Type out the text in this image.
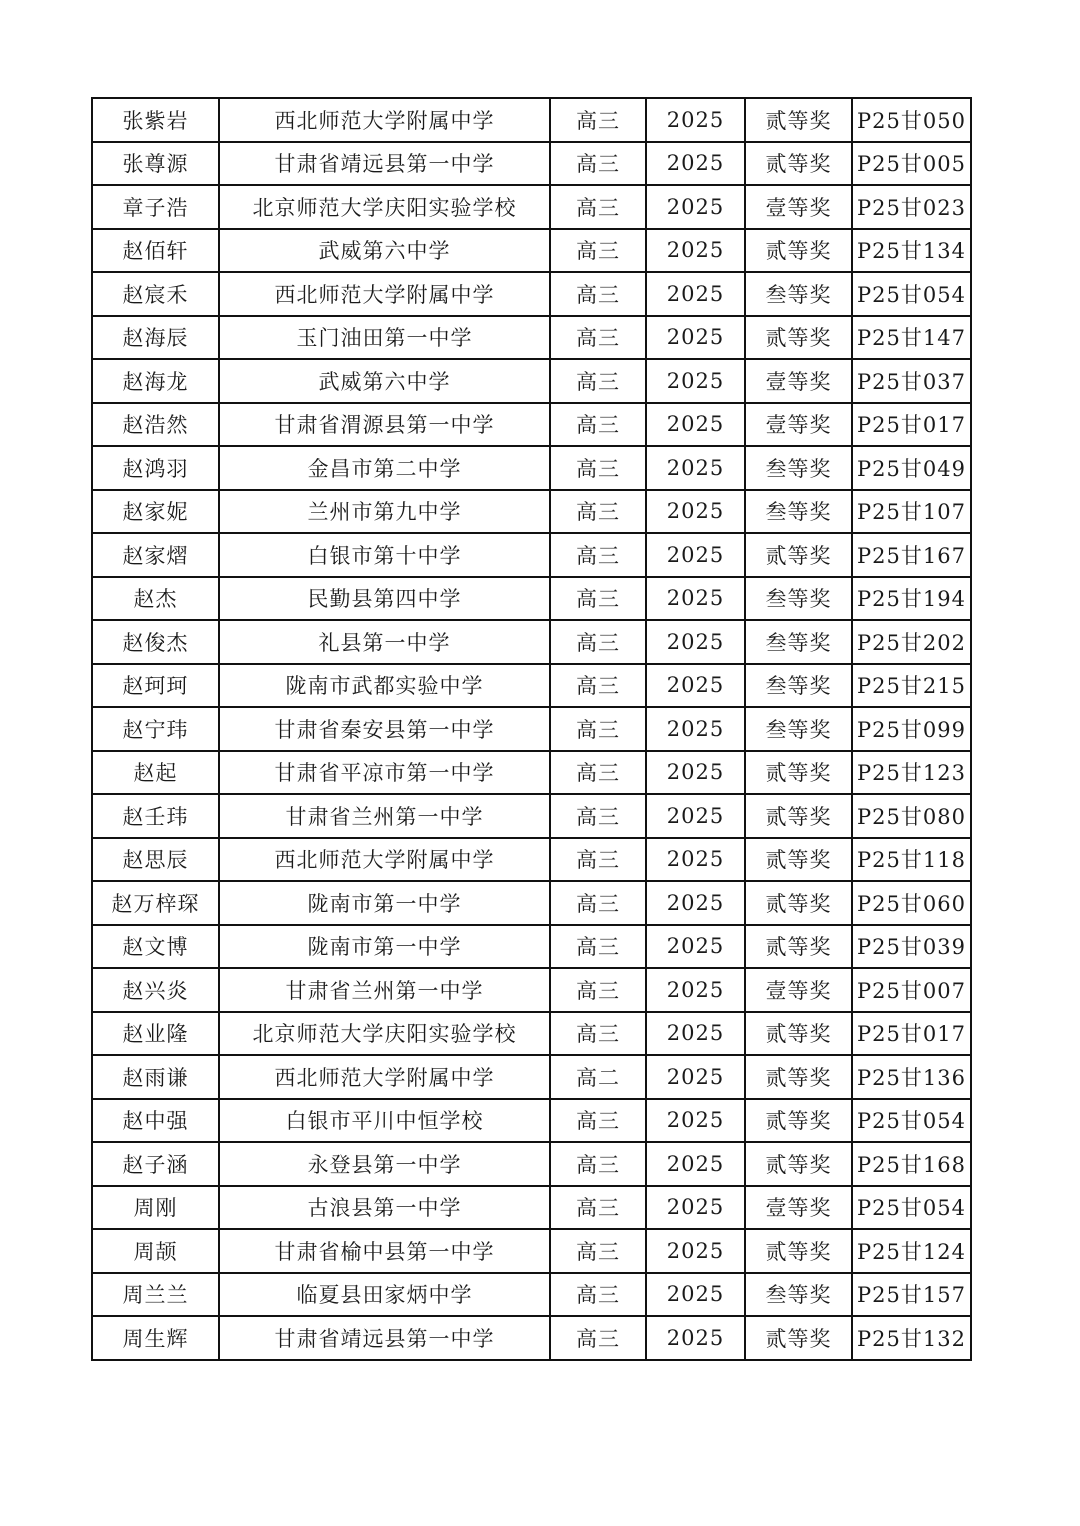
张紫岩	西北师范大学附属中学	高三	2025	贰等奖	P25甘050
张尊源	甘肃省靖远县第一中学	高三	2025	贰等奖	P25甘005
章子浩	北京师范大学庆阳实验学校	高三	2025	壹等奖	P25甘023
赵佰轩	武威第六中学	高三	2025	贰等奖	P25甘134
赵宸禾	西北师范大学附属中学	高三	2025	叁等奖	P25甘054
赵海辰	玉门油田第一中学	高三	2025	贰等奖	P25甘147
赵海龙	武威第六中学	高三	2025	壹等奖	P25甘037
赵浩然	甘肃省渭源县第一中学	高三	2025	壹等奖	P25甘017
赵鸿羽	金昌市第二中学	高三	2025	叁等奖	P25甘049
赵家妮	兰州市第九中学	高三	2025	叁等奖	P25甘107
赵家熠	白银市第十中学	高三	2025	贰等奖	P25甘167
赵杰	民勤县第四中学	高三	2025	叁等奖	P25甘194
赵俊杰	礼县第一中学	高三	2025	叁等奖	P25甘202
赵珂珂	陇南市武都实验中学	高三	2025	叁等奖	P25甘215
赵宁玮	甘肃省秦安县第一中学	高三	2025	叁等奖	P25甘099
赵起	甘肃省平凉市第一中学	高三	2025	贰等奖	P25甘123
赵壬玮	甘肃省兰州第一中学	高三	2025	贰等奖	P25甘080
赵思辰	西北师范大学附属中学	高三	2025	贰等奖	P25甘118
赵万梓琛	陇南市第一中学	高三	2025	贰等奖	P25甘060
赵文博	陇南市第一中学	高三	2025	贰等奖	P25甘039
赵兴炎	甘肃省兰州第一中学	高三	2025	壹等奖	P25甘007
赵业隆	北京师范大学庆阳实验学校	高三	2025	贰等奖	P25甘017
赵雨谦	西北师范大学附属中学	高二	2025	贰等奖	P25甘136
赵中强	白银市平川中恒学校	高三	2025	贰等奖	P25甘054
赵子涵	永登县第一中学	高三	2025	贰等奖	P25甘168
周刚	古浪县第一中学	高三	2025	壹等奖	P25甘054
周颉	甘肃省榆中县第一中学	高三	2025	贰等奖	P25甘124
周兰兰	临夏县田家炳中学	高三	2025	叁等奖	P25甘157
周生辉	甘肃省靖远县第一中学	高三	2025	贰等奖	P25甘132
